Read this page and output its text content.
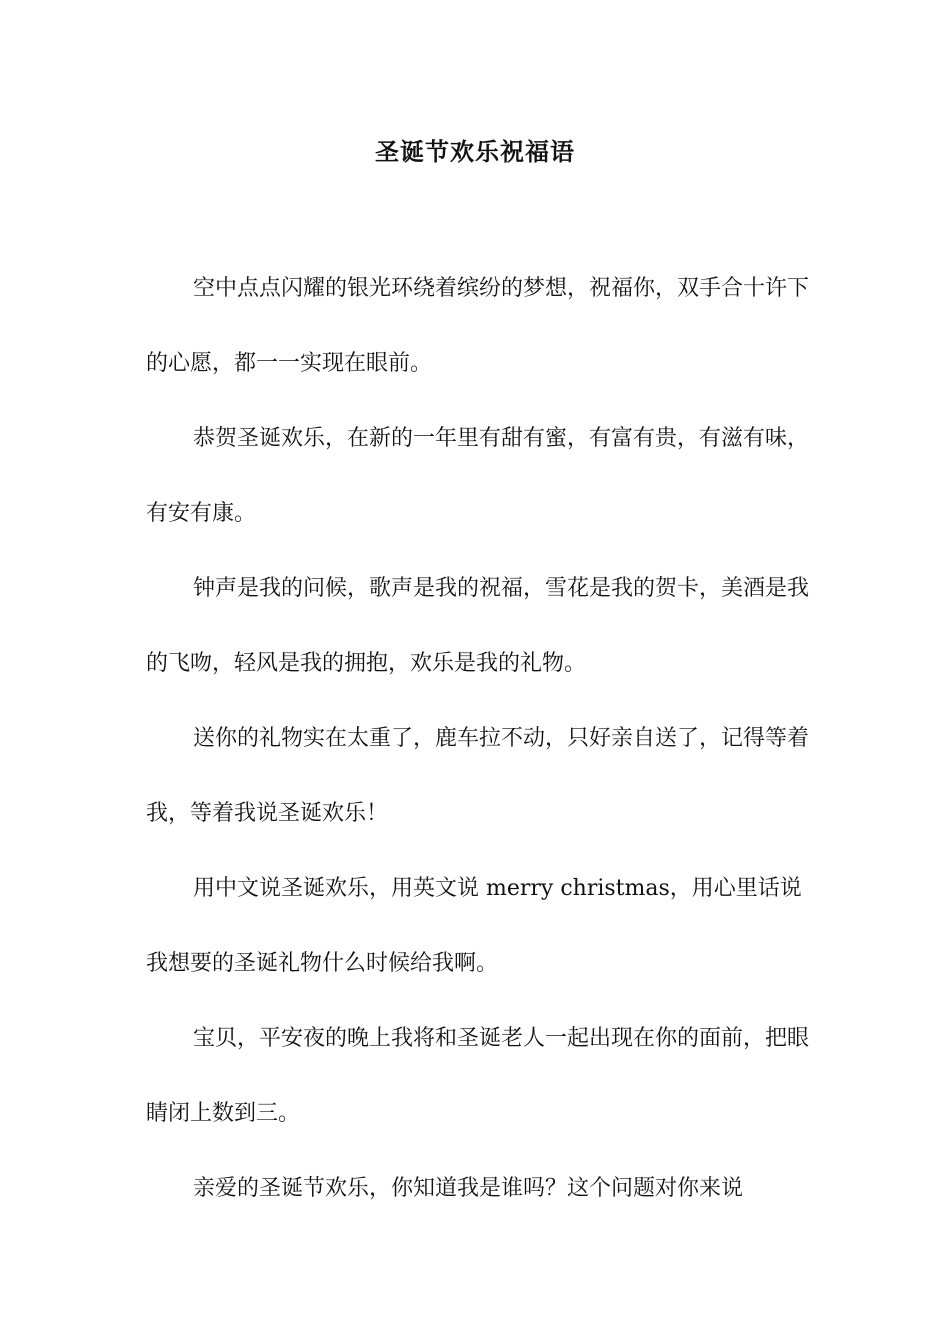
圣诞节欢乐祝福语

空中点点闪耀的银光环绕着缤纷的梦想，祝福你，双手合十许下的心愿，都一一实现在眼前。

恭贺圣诞欢乐，在新的一年里有甜有蜜，有富有贵，有滋有味，有安有康。

钟声是我的问候，歌声是我的祝福，雪花是我的贺卡，美酒是我的飞吻，轻风是我的拥抱，欢乐是我的礼物。

送你的礼物实在太重了，鹿车拉不动，只好亲自送了，记得等着我，等着我说圣诞欢乐！

用中文说圣诞欢乐，用英文说 merry christmas，用心里话说我想要的圣诞礼物什么时候给我啊。

宝贝，平安夜的晚上我将和圣诞老人一起出现在你的面前，把眼睛闭上数到三。

亲爱的圣诞节欢乐，你知道我是谁吗？这个问题对你来说
